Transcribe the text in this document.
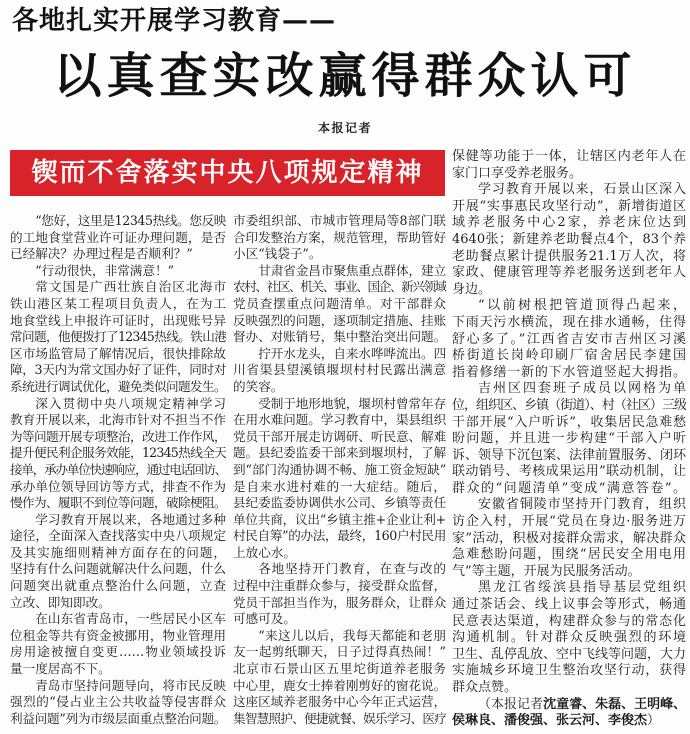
各地扎实开展学习教育——
以真查实改赢得群众认可
本报记者
锲而不舍落实中央八项规定精神
“您好，这里是12345热线。您反映
的工地食堂营业许可证办理问题，是否
已经解决？办理过程是否顺利？”
“行动很快，非常满意！”
常文国是广西壮族自治区北海市
铁山港区某工程项目负责人，在为工
地食堂线上申报许可证时，出现账号异
常问题，他便拨打了12345热线。铁山港
区市场监管局了解情况后，很快排除故
障，3天内为常文国办好了证件，同时对
系统进行调试优化，避免类似问题发生。
深入贯彻中央八项规定精神学习
教育开展以来，北海市针对不担当不作
为等问题开展专项整治，改进工作作风，
提升便民利企服务效能，12345热线全天
接单，承办单位快速响应，通过电话回访、
承办单位领导回访等方式，排查不作为
慢作为、履职不到位等问题，破除梗阻。
学习教育开展以来，各地通过多种
途径，全面深入查找落实中央八项规定
及其实施细则精神方面存在的问题，
坚持有什么问题就解决什么问题，什么
问题突出就重点整治什么问题，立查
立改、即知即改。
在山东省青岛市，一些居民小区车
位租金等共有资金被挪用，物业管理用
房用途被擅自变更……物业领域投诉
量一度居高不下。
青岛市坚持问题导向，将市民反映
强烈的“侵占业主公共收益等侵害群众
利益问题”列为市级层面重点整治问题。
市委组织部、市城市管理局等8部门联
合印发整治方案，规范管理，帮助管好
小区“钱袋子”。
甘肃省金昌市聚焦重点群体，建立
农村、社区、机关、事业、国企、新兴领域
党员查摆重点问题清单。对干部群众
反映强烈的问题，逐项制定措施、挂账
督办、对账销号，集中整治突出问题。
拧开水龙头，自来水哗哗流出。四
川省渠县望溪镇堰坝村村民露出满意
的笑容。
受制于地形地貌，堰坝村曾常年存
在用水难问题。学习教育中，渠县组织
党员干部开展走访调研、听民意、解难
题。县纪委监委干部来到堰坝村，了解
到“部门沟通协调不畅、施工资金短缺”
是自来水进村难的一大症结。随后，
县纪委监委协调供水公司、乡镇等责任
单位共商，议出“乡镇主推+企业让利+
村民自筹”的办法，最终，160户村民用
上放心水。
各地坚持开门教育，在查与改的
过程中注重群众参与，接受群众监督，
党员干部担当作为，服务群众，让群众
可感可及。
“来这儿以后，我每天都能和老朋
友一起剪纸聊天，日子过得真热闹！”
北京市石景山区五里坨街道养老服务
中心里，鹿女士捧着刚剪好的窗花说。
这座区域养老服务中心今年正式运营，
集智慧照护、便捷就餐、娱乐学习、医疗
保健等功能于一体，让辖区内老年人在
家门口享受养老服务。
学习教育开展以来，石景山区深入
开展“实事惠民攻坚行动”，新增街道区
域养老服务中心2家，养老床位达到
4640张；新建养老助餐点4个，83个养
老助餐点累计提供服务21.1万人次，将
家政、健康管理等养老服务送到老年人
身边。
“以前树根把管道顶得凸起来，
下雨天污水横流，现在排水通畅，住得
舒心多了。”江西省吉安市吉州区习溪
桥街道长岗岭印刷厂宿舍居民李建国
指着修缮一新的下水管道竖起大拇指。
吉州区四套班子成员以网格为单
位，组织区、乡镇（街道）、村（社区）三级
干部开展“入户听诉”，收集居民急难愁
盼问题，并且进一步构建“干部入户听
诉、领导下沉包案、法律前置服务、闭环
联动销号、考核成果运用”联动机制，让
群众的“问题清单”变成“满意答卷”。
安徽省铜陵市坚持开门教育，组织
访企入村，开展“党员在身边·服务进万
家”活动，积极对接群众需求，解决群众
急难愁盼问题，围绕“居民安全用电用
气”等主题，开展为民服务活动。
黑龙江省绥滨县指导基层党组织
通过茶话会、线上议事会等形式，畅通
民意表达渠道，构建群众参与的常态化
沟通机制。针对群众反映强烈的环境
卫生、乱停乱放、空中飞线等问题，大力
实施城乡环境卫生整治攻坚行动，获得
群众点赞。
（本报记者沈童睿、朱磊、王明峰、
侯琳良、潘俊强、张云河、李俊杰）
